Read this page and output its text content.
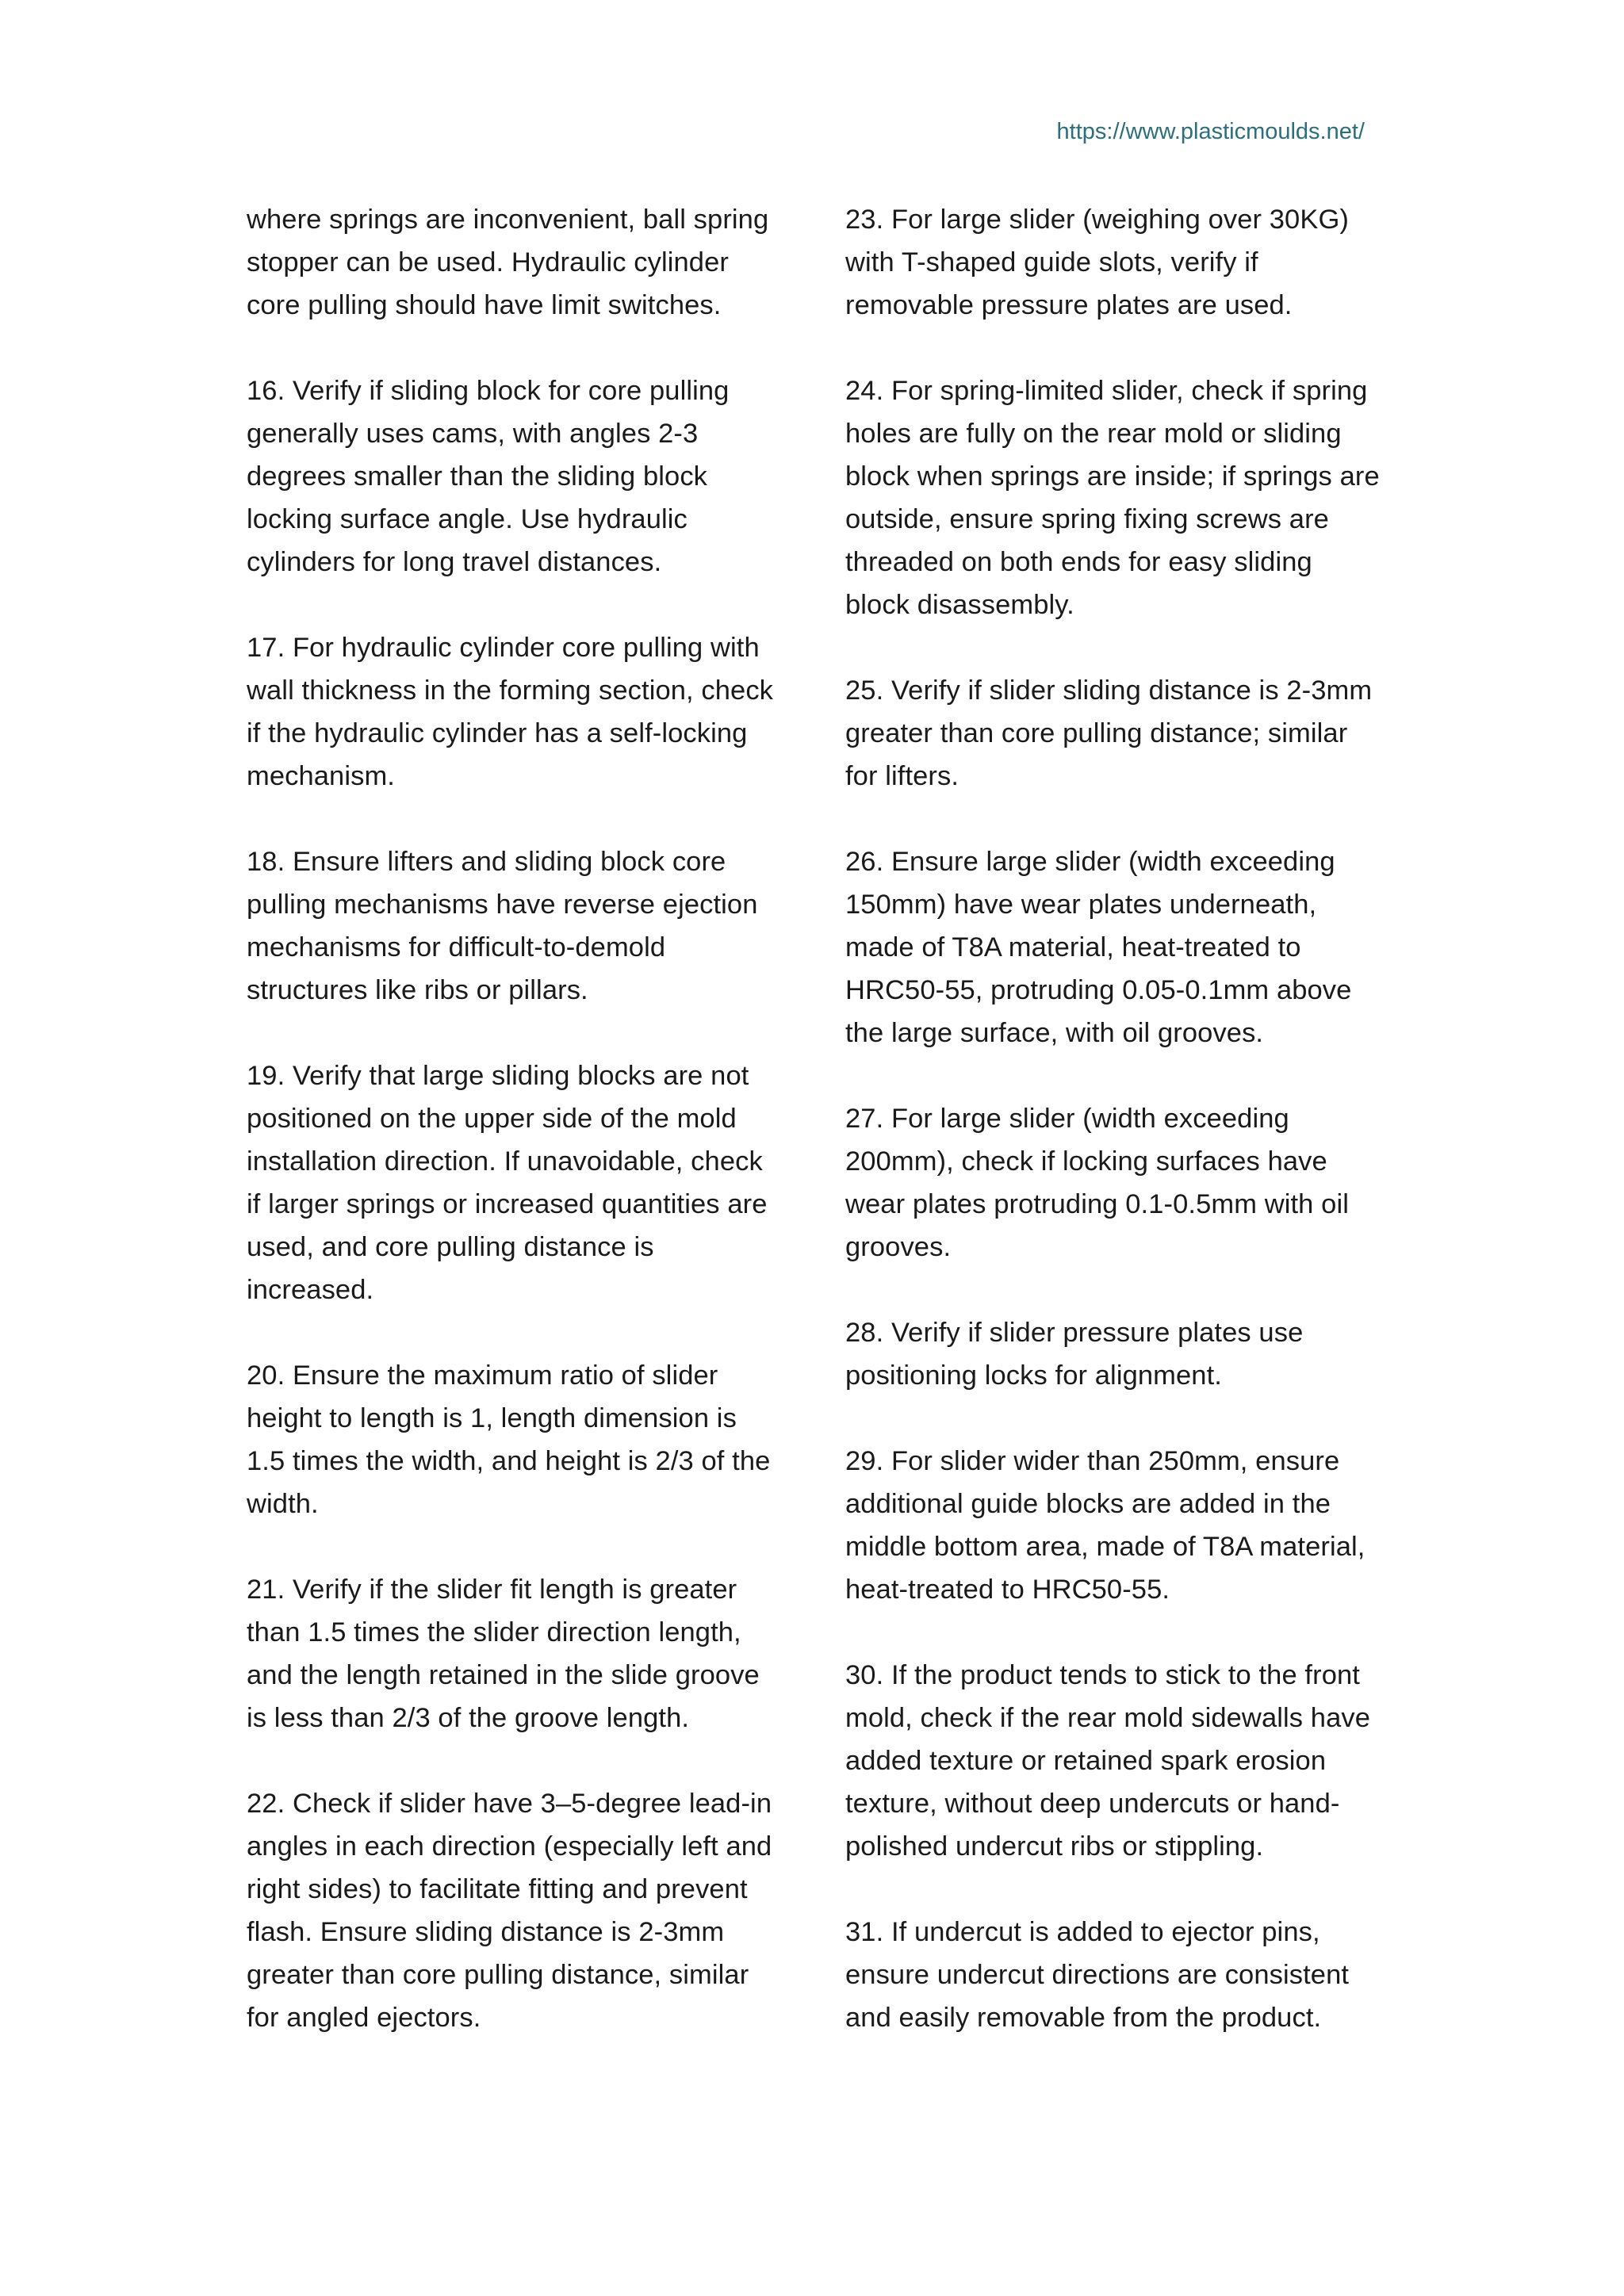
https://www.plasticmoulds.net/

where springs are inconvenient, ball spring
stopper can be used. Hydraulic cylinder
core pulling should have limit switches.

16. Verify if sliding block for core pulling
generally uses cams, with angles 2-3
degrees smaller than the sliding block
locking surface angle. Use hydraulic
cylinders for long travel distances.

17. For hydraulic cylinder core pulling with
wall thickness in the forming section, check
if the hydraulic cylinder has a self-locking
mechanism.

18. Ensure lifters and sliding block core
pulling mechanisms have reverse ejection
mechanisms for difficult-to-demold
structures like ribs or pillars.

19. Verify that large sliding blocks are not
positioned on the upper side of the mold
installation direction. If unavoidable, check
if larger springs or increased quantities are
used, and core pulling distance is
increased.

20. Ensure the maximum ratio of slider
height to length is 1, length dimension is
1.5 times the width, and height is 2/3 of the
width.

21. Verify if the slider fit length is greater
than 1.5 times the slider direction length,
and the length retained in the slide groove
is less than 2/3 of the groove length.

22. Check if slider have 3–5-degree lead-in
angles in each direction (especially left and
right sides) to facilitate fitting and prevent
flash. Ensure sliding distance is 2-3mm
greater than core pulling distance, similar
for angled ejectors.

23. For large slider (weighing over 30KG)
with T-shaped guide slots, verify if
removable pressure plates are used.

24. For spring-limited slider, check if spring
holes are fully on the rear mold or sliding
block when springs are inside; if springs are
outside, ensure spring fixing screws are
threaded on both ends for easy sliding
block disassembly.

25. Verify if slider sliding distance is 2-3mm
greater than core pulling distance; similar
for lifters.

26. Ensure large slider (width exceeding
150mm) have wear plates underneath,
made of T8A material, heat-treated to
HRC50-55, protruding 0.05-0.1mm above
the large surface, with oil grooves.

27. For large slider (width exceeding
200mm), check if locking surfaces have
wear plates protruding 0.1-0.5mm with oil
grooves.

28. Verify if slider pressure plates use
positioning locks for alignment.

29. For slider wider than 250mm, ensure
additional guide blocks are added in the
middle bottom area, made of T8A material,
heat-treated to HRC50-55.

30. If the product tends to stick to the front
mold, check if the rear mold sidewalls have
added texture or retained spark erosion
texture, without deep undercuts or hand-
polished undercut ribs or stippling.

31. If undercut is added to ejector pins,
ensure undercut directions are consistent
and easily removable from the product.
